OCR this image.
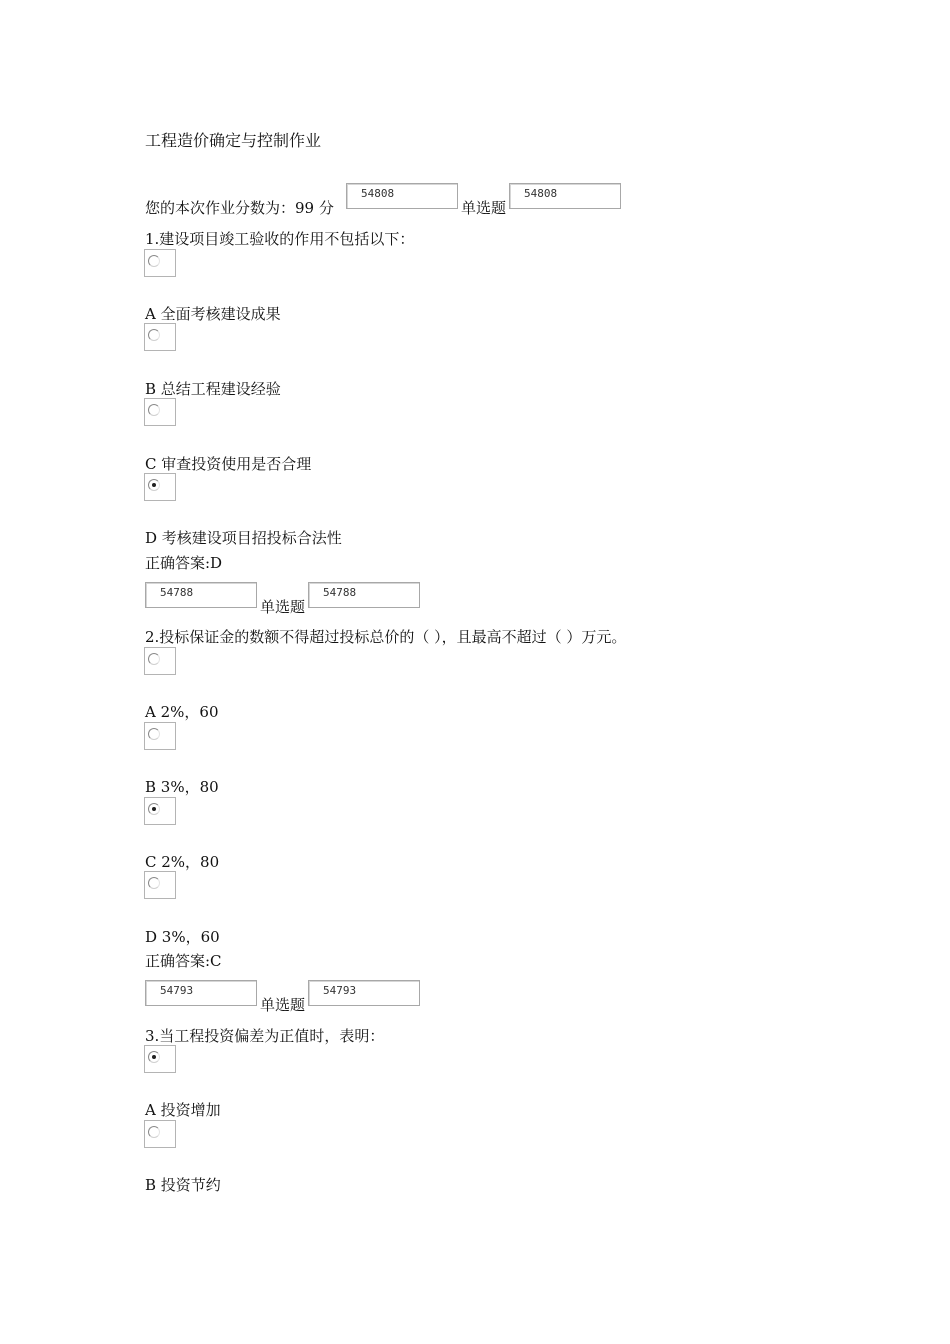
工程造价确定与控制作业
您的本次作业分数为：99 分
54808
单选题
54808
1.建设项目竣工验收的作用不包括以下：
A 全面考核建设成果
B 总结工程建设经验
C 审查投资使用是否合理
D 考核建设项目招投标合法性
正确答案:D
54788
单选题
54788
2.投标保证金的数额不得超过投标总价的（ ），且最高不超过（ ）万元。
A 2%，60
B 3%，80
C 2%，80
D 3%，60
正确答案:C
54793
单选题
54793
3.当工程投资偏差为正值时，表明：
A 投资增加
B 投资节约
